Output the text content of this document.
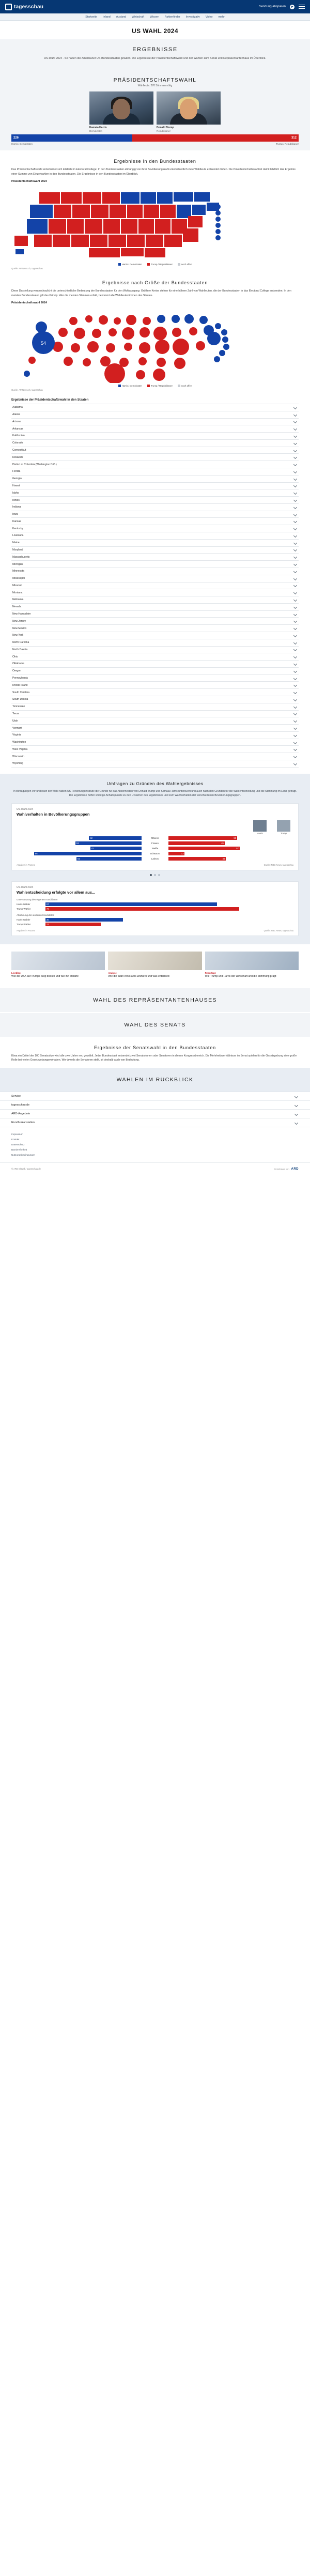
tagesschau	Sendung abspielen
Startseite Inland Ausland Wirtschaft Wissen Faktenfinder Investigativ Video mehr
US WAHL 2024
ERGEBNISSE

US-Wahl 2024 - So haben die Amerikaner US-Bundesstaaten gewählt. Die Ergebnisse der Präsidentschaftswahl und der Wahlen zum Senat und Repräsentantenhaus im Überblick.

PRÄSIDENTSCHAFTSWAHL
Wahlleute: 270 Stimmen nötig
Kamala Harris
Demokraten
Donald Trump
Republikaner
226	312
Harris / Demokraten	Trump / Republikaner
Ergebnisse in den Bundesstaaten

Das Präsidentschaftswahl entscheidet sich letztlich im Electoral College: In den Bundesstaaten abhängig von ihrer Bevölkerungszahl unterschiedlich viele Wahlleute entsendet dürfen. Die Präsidentschaftswahl ist damit letztlich das Ergebnis einer Summe von Einzelwahlen in den Bundesstaaten. Die Ergebnisse in den Bundesstaaten im Überblick.

Präsidentschaftswahl 2024
Harris / Demokraten	Trump / Republikaner	noch offen
Quelle: AP/News.ch, tagesschau
Ergebnisse nach Größe der Bundesstaaten

Diese Darstellung veranschaulicht die unterschiedliche Bedeutung der Bundesstaaten für den Wahlausgang: Größere Kreise stehen für eine höhere Zahl von Wahlleuten, die der Bundesstaaten in das Electoral College entsenden. In den meisten Bundesstaaten gilt das Prinzip: Wer die meisten Stimmen erhält, bekommt alle Wahlleutestimmen des Staates.

Präsidentschaftswahl 2024
54
Harris / Demokraten	Trump / Republikaner	noch offen
Quelle: AP/News.ch, tagesschau
Ergebnisse der Präsidentschaftswahl in den Staaten
Alabama
Alaska
Arizona
Arkansas
Kalifornien
Colorado
Connecticut
Delaware
District of Columbia (Washington D.C.)
Florida
Georgia
Hawaii
Idaho
Illinois
Indiana
Iowa
Kansas
Kentucky
Louisiana
Maine
Maryland
Massachusetts
Michigan
Minnesota
Mississippi
Missouri
Montana
Nebraska
Nevada
New Hampshire
New Jersey
New Mexico
New York
North Carolina
North Dakota
Ohio
Oklahoma
Oregon
Pennsylvania
Rhode Island
South Carolina
South Dakota
Tennessee
Texas
Utah
Vermont
Virginia
Washington
West Virginia
Wisconsin
Wyoming
Umfragen zu Gründen des Wahlergebnisses

In Befragungen vor und nach der Wahl haben US-Forschungsinstitute die Gründe für das Abschneiden von Donald Trump und Kamala Harris untersucht und auch nach den Gründen für die Wahlentscheidung und die Stimmung im Land gefragt. Die Ergebnisse helfen wichtige Anhaltspunkte zu den Ursachen des Ergebnisses und zum Wahlverhalten der verschiedenen Bevölkerungsgruppen.

US-Wahl 2024
Wahlverhalten in Bevölkerungsgruppen
Harris	Trump
42	Männer	55
53	Frauen	45
41	Weiße	57
86	Schwarze	13
52	Latinos	46
Angaben in Prozent	Quelle: NBC News, tagesschau
US-Wahl 2024
Wahlentscheidung erfolgte vor allem aus...
Unterstützung des eigenen Kandidaten
Harris-Wähler	67
Trump-Wähler	76
Ablehnung des anderen Kandidaten
Harris-Wähler	30
Trump-Wähler	21
Angaben in Prozent	Quelle: NBC News, tagesschau
Liveblog
Wie die USA auf Trumps Sieg blicken und wie ihn erklärte
Analyse
Wie die Wahl von Harris Wählern und was entschied
Reportage
Wie Trump und Harris der Wirtschaft und die Stimmung prägt
WAHL DES REPRÄSENTANTENHAUSES
WAHL DES SENATS
Ergebnisse der Senatswahl in den Bundesstaaten

Etwa ein Drittel der 100 Senatssitze wird alle zwei Jahre neu gewählt. Jeder Bundesstaat entsendet zwei Senatorinnen oder Senatoren in diesen Kongressbereich. Die Mehrheitsverhältnisse im Senat spielen für die Gesetzgebung eine große Rolle bei vielen Gesetzgebungsvorhaben. Wer jeweils die Senatoren stellt, ist deshalb auch von Bedeutung.

WAHLEN IM RÜCKBLICK
Service
tagesschau.de
ARD-Angebote
Rundfunkanstalten
Impressum
Kontakt
Datenschutz
Barrierefreiheit
Nutzungsbedingungen
© ARD-aktuell / tagesschau.de	Gemeinsam von ARD
